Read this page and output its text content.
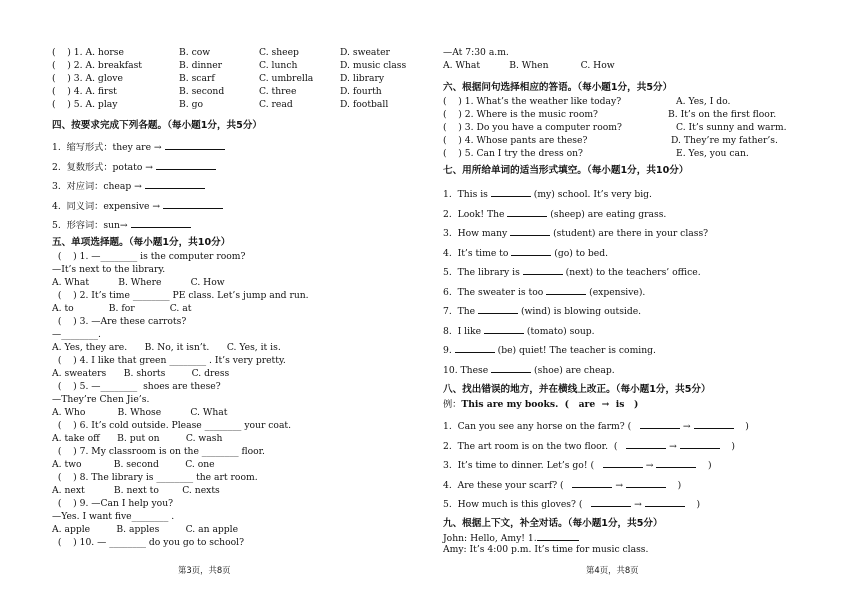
(    ) 1. A. horse	B. cow	C. sheep	D. sweater
(    ) 2. A. breakfast	B. dinner	C. lunch	D. music class
(    ) 3. A. glove	B. scarf	C. umbrella	D. library
(    ) 4. A. first	B. second	C. three	D. fourth
(    ) 5. A. play	B. go	C. read	D. football
四、按要求完成下列各题。（每小题1分，共5分）
1.  缩写形式：they are →
2.  复数形式：potato →
3.  对应词：cheap →
4.  同义词：expensive →
5.  形容词：sun→
五、单项选择题。（每小题1分，共10分）
(    ) 1. —________ is the computer room?
—It’s next to the library.
A. What          B. Where          C. How
(    ) 2. It’s time ________ PE class. Let’s jump and run.
A. to            B. for            C. at
(    ) 3. —Are these carrots?
—________.
A. Yes, they are.      B. No, it isn’t.      C. Yes, it is.
(    ) 4. I like that green ________ . It’s very pretty.
A. sweaters      B. shorts         C. dress
(    ) 5. —________  shoes are these?
—They’re Chen Jie’s.
A. Who           B. Whose          C. What
(    ) 6. It’s cold outside. Please ________ your coat.
A. take off      B. put on         C. wash
(    ) 7. My classroom is on the ________ floor.
A. two           B. second         C. one
(    ) 8. The library is ________ the art room.
A. next          B. next to        C. nexts
(    ) 9. —Can I help you?
—Yes. I want five________ .
A. apple         B. apples         C. an apple
(    ) 10. — ________ do you go to school?
—At 7:30 a.m.
A. What          B. When           C. How
六、根据问句选择相应的答语。（每小题1分，共5分）
(    ) 1. What’s the weather like today?	A. Yes, I do.
(    ) 2. Where is the music room?	B. It’s on the first floor.
(    ) 3. Do you have a computer room?	C. It’s sunny and warm.
(    ) 4. Whose pants are these?	D. They’re my father’s.
(    ) 5. Can I try the dress on?	E. Yes, you can.
七、用所给单词的适当形式填空。（每小题1分，共10分）
1.  This is	(my) school. It’s very big.
2.  Look! The	(sheep) are eating grass.
3.  How many	(student) are there in your class?
4.  It’s time to	(go) to bed.
5.  The library is	(next) to the teachers’ office.
6.  The sweater is too	(expensive).
7.  The	(wind) is blowing outside.
8.  I like	(tomato) soup.
9.	(be) quiet! The teacher is coming.
10. These	(shoe) are cheap.
八、找出错误的地方，并在横线上改正。（每小题1分，共5分）
例：This are my books.  (   are  →  is   )
1.  Can you see any horse on the farm? (	→	)
2.  The art room is on the two floor.  (	→	)
3.  It’s time to dinner. Let’s go! (	→	)
4.  Are these your scarf? (	→	)
5.  How much is this gloves? (	→	)
九、根据上下文，补全对话。（每小题1分，共5分）
John: Hello, Amy! 1.
Amy: It’s 4:00 p.m. It’s time for music class.
第3页，共8页	第4页，共8页
